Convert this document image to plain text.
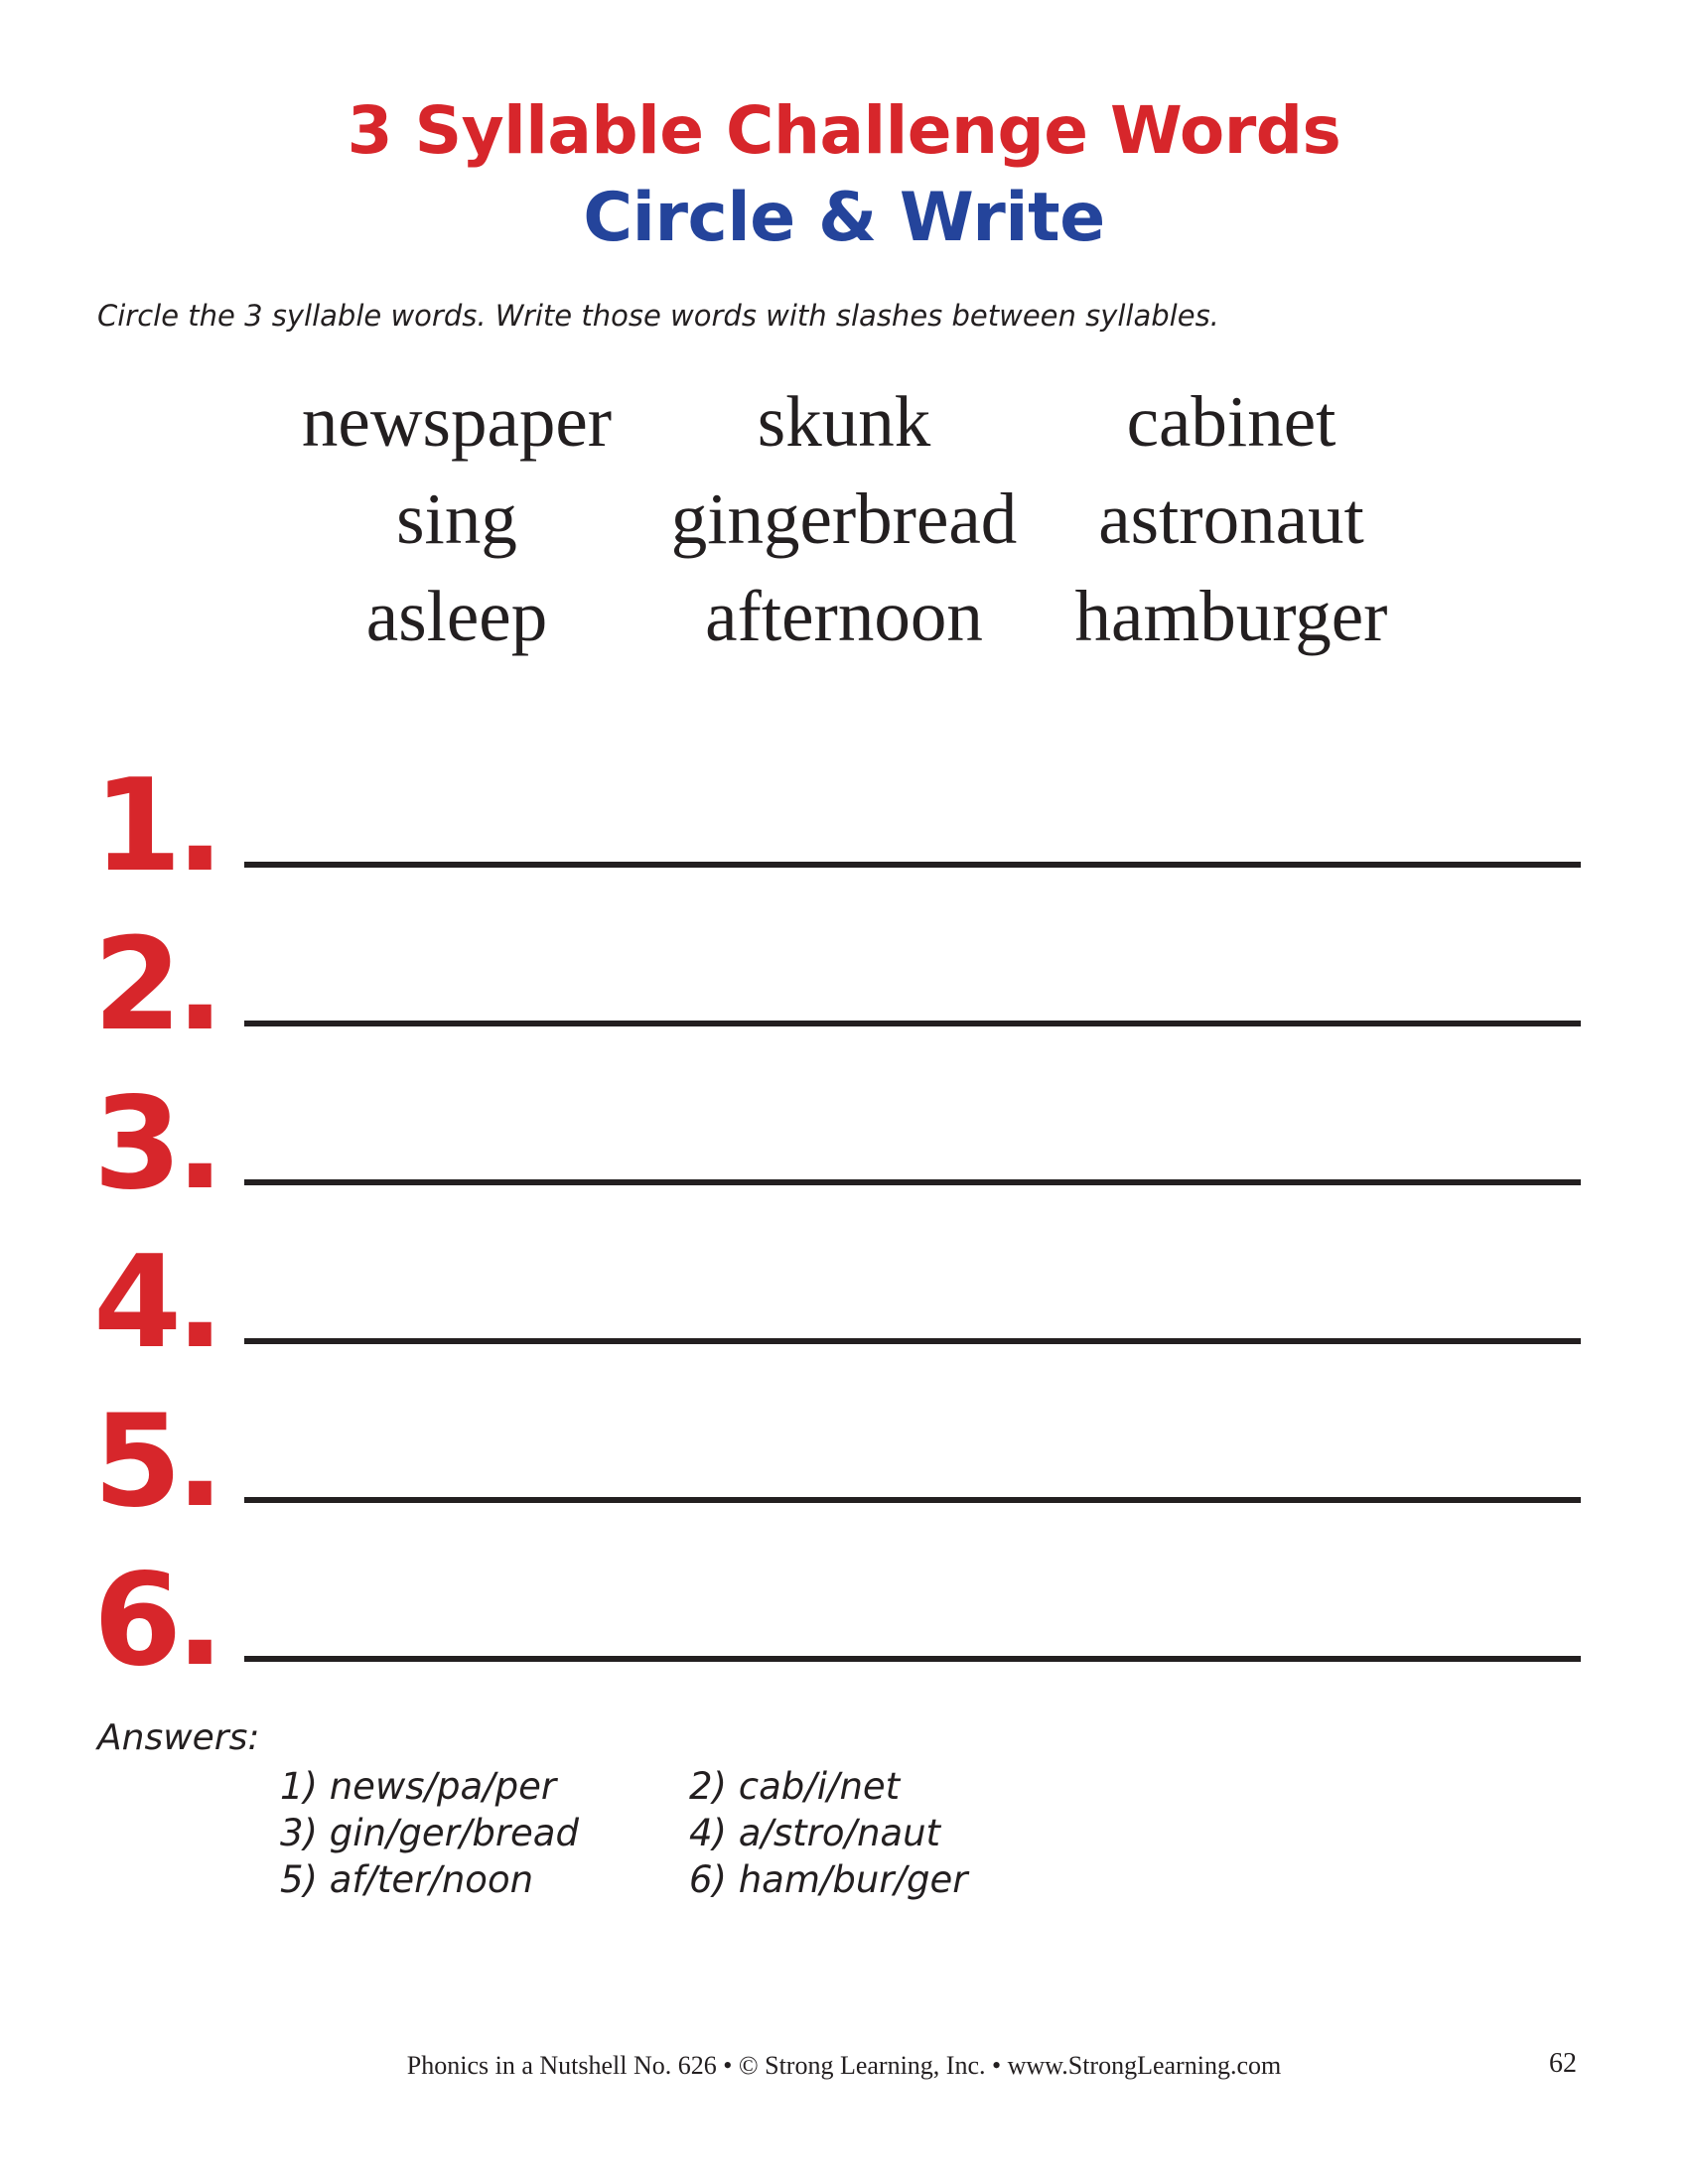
3 Syllable Challenge Words
Circle & Write
Circle the 3 syllable words. Write those words with slashes between syllables.
newspaper	skunk	cabinet
sing	gingerbread	astronaut
asleep	afternoon	hamburger
1.
2.
3.
4.
5.
6.
Answers:
1) news/pa/per	2) cab/i/net
3) gin/ger/bread	4) a/stro/naut
5) af/ter/noon	6) ham/bur/ger
Phonics in a Nutshell No. 626 • © Strong Learning, Inc. • www.StrongLearning.com	62
